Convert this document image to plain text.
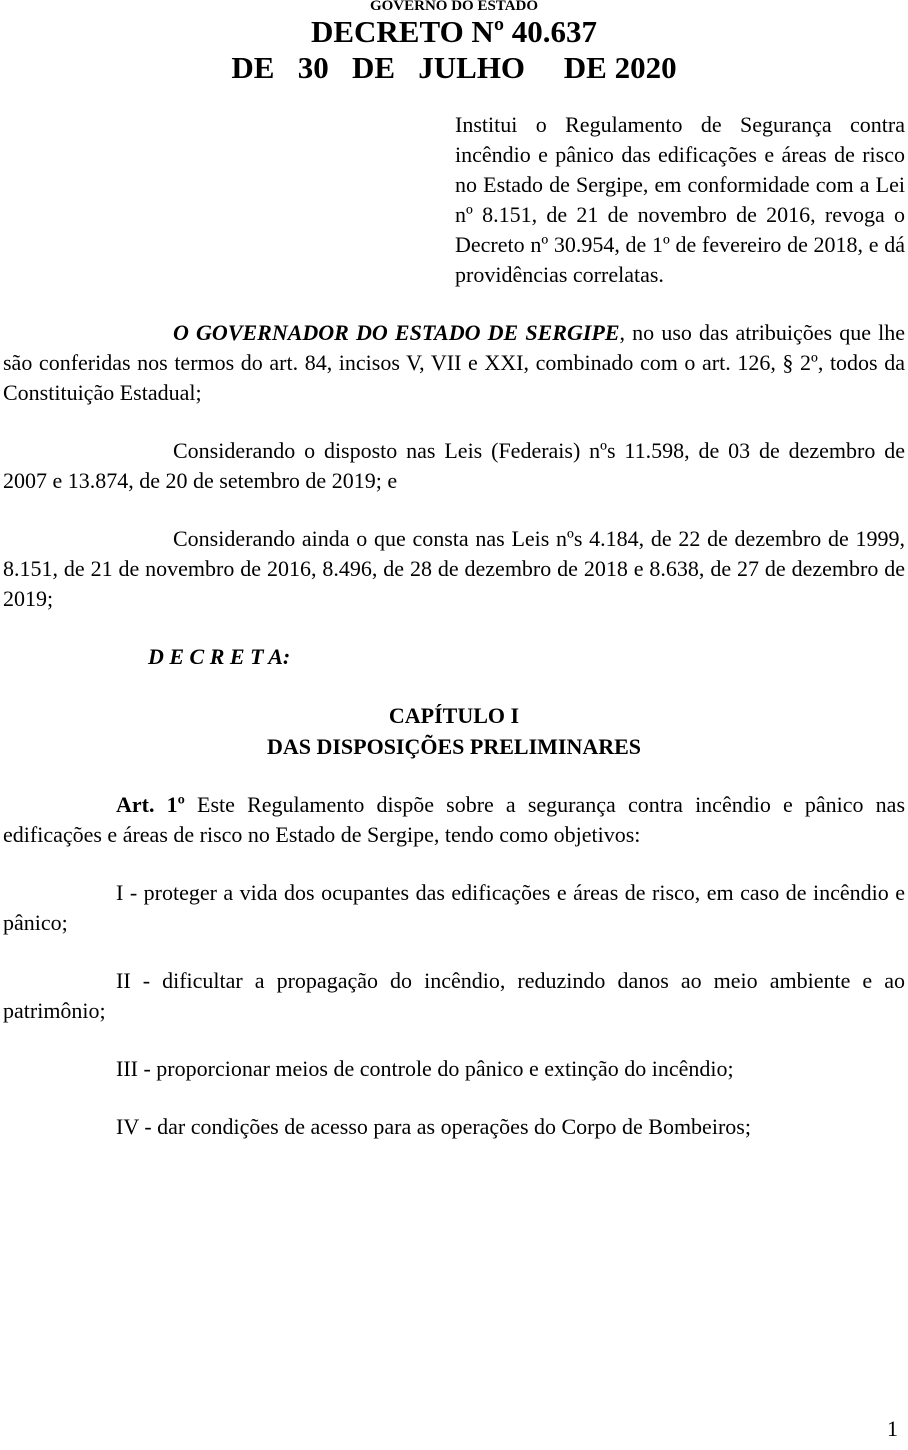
GOVERNO DO ESTADO
DECRETO Nº 40.637
DE   30   DE   JULHO     DE 2020
Institui o Regulamento de Segurança contra incêndio e pânico das edificações e áreas de risco no Estado de Sergipe, em conformidade com a Lei nº 8.151, de 21 de novembro de 2016, revoga o Decreto nº 30.954, de 1º de fevereiro de 2018, e dá providências correlatas.

O GOVERNADOR DO ESTADO DE SERGIPE, no uso das atribuições que lhe são conferidas nos termos do art. 84, incisos V, VII e XXI, combinado com o art. 126, § 2º, todos da Constituição Estadual;

Considerando o disposto nas Leis (Federais) nºs 11.598, de 03 de dezembro de 2007 e 13.874, de 20 de setembro de 2019; e

Considerando ainda o que consta nas Leis nºs 4.184, de 22 de dezembro de 1999, 8.151, de 21 de novembro de 2016, 8.496, de 28 de dezembro de 2018 e 8.638, de 27 de dezembro de 2019;

D E C R E T A:
CAPÍTULO I
DAS DISPOSIÇÕES PRELIMINARES

Art. 1º Este Regulamento dispõe sobre a segurança contra incêndio e pânico nas edificações e áreas de risco no Estado de Sergipe, tendo como objetivos:

I - proteger a vida dos ocupantes das edificações e áreas de risco, em caso de incêndio e pânico;

II - dificultar a propagação do incêndio, reduzindo danos ao meio ambiente e ao patrimônio;

III - proporcionar meios de controle do pânico e extinção do incêndio;

IV - dar condições de acesso para as operações do Corpo de Bombeiros;

1
